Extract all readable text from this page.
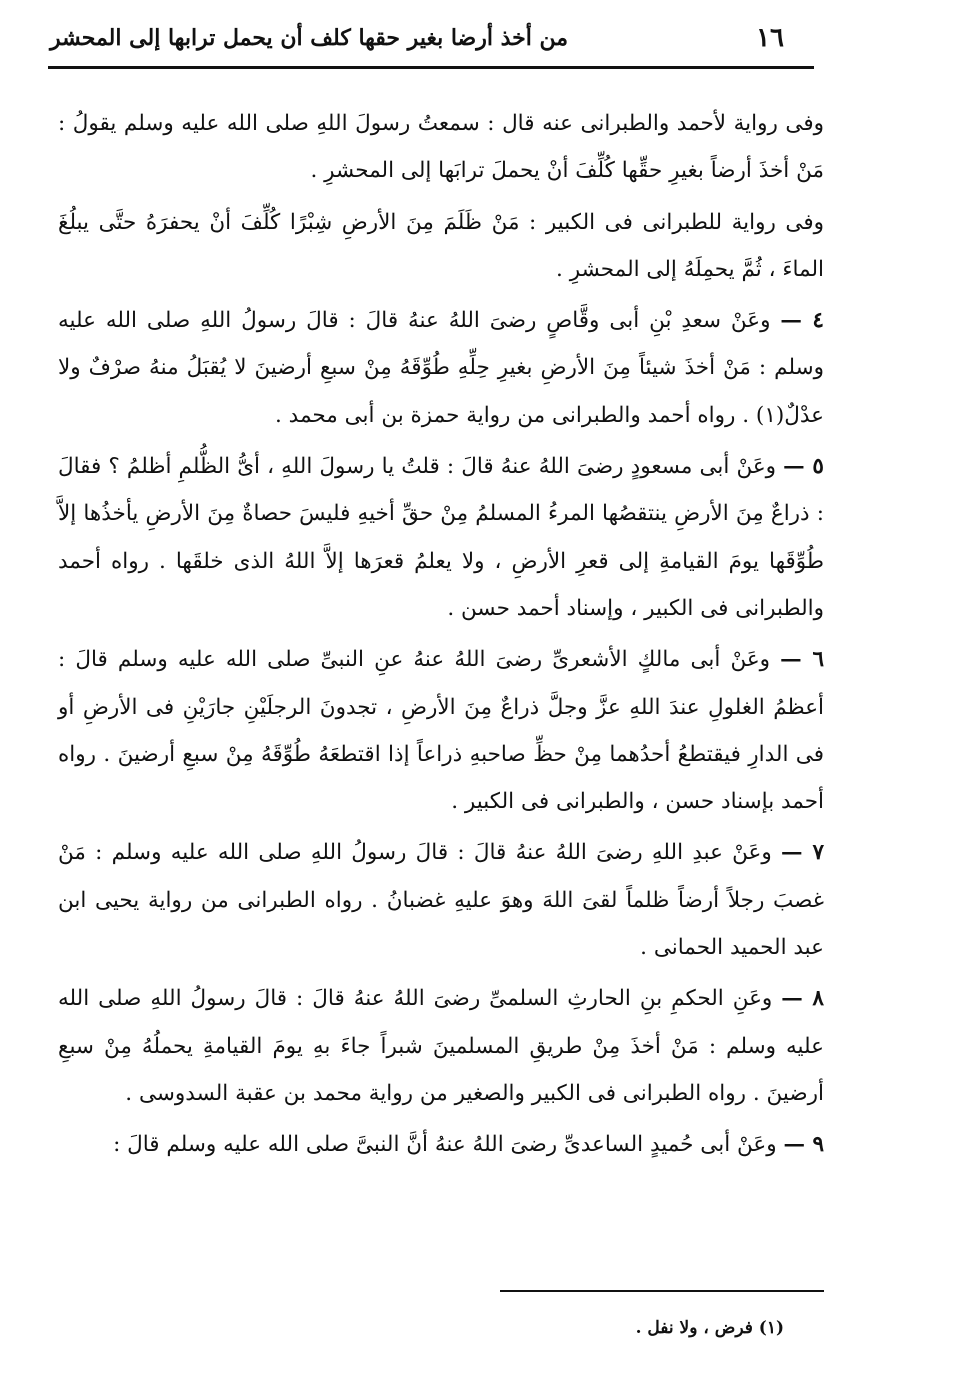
١٦
من أخذ أرضا بغير حقها كلف أن يحمل ترابها إلى المحشر

وفى رواية لأحمد والطبرانى عنه قال : سمعتُ رسولَ اللهِ صلى الله عليه وسلم يقولُ : مَنْ أخذَ أرضاً بغيرِ حقِّها كُلِّفَ أنْ يحملَ ترابَها إلى المحشرِ .

وفى رواية للطبرانى فى الكبير : مَنْ ظَلَمَ مِنَ الأرضِ شِبْرًا كُلِّفَ أنْ يحفرَهُ حتَّى يبلُغَ الماءَ ، ثُمَّ يحمِلَهُ إلى المحشرِ .

٤ — وعَنْ سعدِ بْنِ أبى وقَّاصٍ رضىَ اللهُ عنهُ قالَ : قالَ رسولُ اللهِ صلى الله عليه وسلم : مَنْ أخذَ شيئاً مِنَ الأرضِ بغيرِ حِلِّهِ طُوِّقَهُ مِنْ سبعِ أرضينَ لا يُقبَلُ منهُ صرْفٌ ولا عدْلٌ(١) . رواه أحمد والطبرانى من رواية حمزة بن أبى محمد .

٥ — وعَنْ أبى مسعودٍ رضىَ اللهُ عنهُ قالَ : قلتُ يا رسولَ اللهِ ، أىُّ الظُّلمِ أظلمُ ؟ فقالَ : ذراعٌ مِنَ الأرضِ ينتقصُها المرءُ المسلمُ مِنْ حقِّ أخيهِ فليسَ حصاةٌ مِنَ الأرضِ يأخذُها إلاَّ طُوِّقَها يومَ القيامةِ إلى قعرِ الأرضِ ، ولا يعلمُ قعرَها إلاَّ اللهُ الذى خلقَها . رواه أحمد والطبرانى فى الكبير ، وإسناد أحمد حسن .

٦ — وعَنْ أبى مالكٍ الأشعرىِّ رضىَ اللهُ عنهُ عنِ النبىِّ صلى الله عليه وسلم قالَ : أعظمُ الغلولِ عندَ اللهِ عزَّ وجلَّ ذراعٌ مِنَ الأرضِ ، تجدونَ الرجلَيْنِ جارَيْنِ فى الأرضِ أو فى الدارِ فيقتطعُ أحدُهما مِنْ حظِّ صاحبهِ ذراعاً إذا اقتطعَهُ طُوِّقَهُ مِنْ سبعِ أرضينَ . رواه أحمد بإسناد حسن ، والطبرانى فى الكبير .

٧ — وعَنْ عبدِ اللهِ رضىَ اللهُ عنهُ قالَ : قالَ رسولُ اللهِ صلى الله عليه وسلم : مَنْ غصبَ رجلاً أرضاً ظلماً لقىَ اللهَ وهوَ عليهِ غضبانُ . رواه الطبرانى من رواية يحيى ابن عبد الحميد الحمانى .

٨ — وعَنِ الحكمِ بنِ الحارثِ السلمىِّ رضىَ اللهُ عنهُ قالَ : قالَ رسولُ اللهِ صلى الله عليه وسلم : مَنْ أخذَ مِنْ طريقِ المسلمينَ شبراً جاءَ بهِ يومَ القيامةِ يحملُهُ مِنْ سبعِ أرضينَ . رواه الطبرانى فى الكبير والصغير من رواية محمد بن عقبة السدوسى .

٩ — وعَنْ أبى حُميدٍ الساعدىِّ رضىَ اللهُ عنهُ أنَّ النبىَّ صلى الله عليه وسلم قالَ :

(١) فرض ، ولا نفل .
